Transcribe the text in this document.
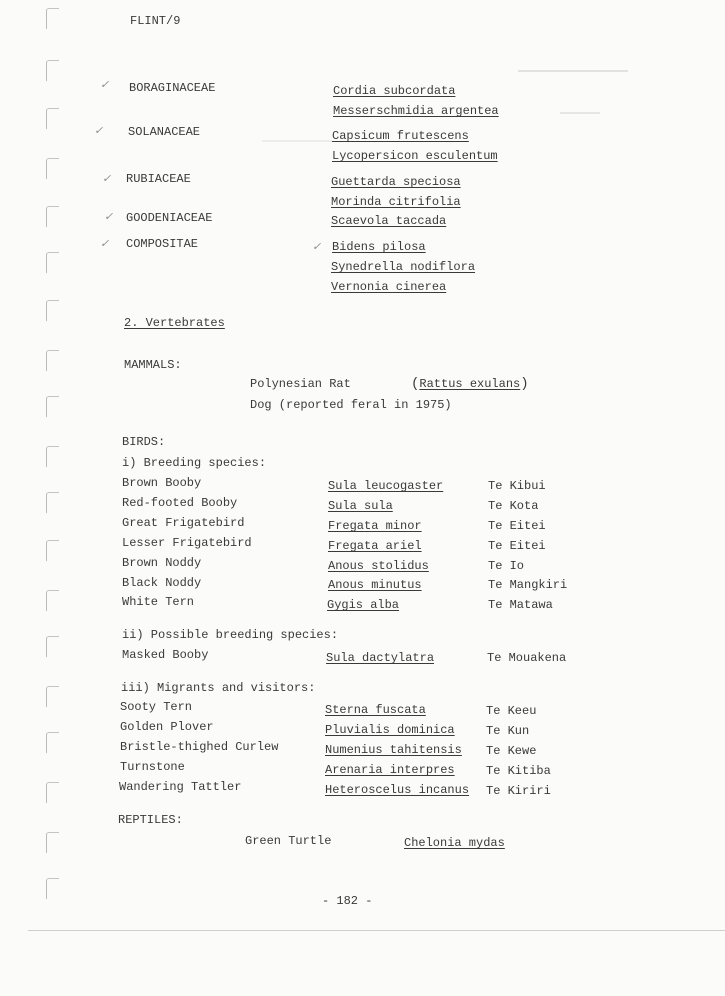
FLINT/9
✓
✓
✓
✓
✓	✓
BORAGINACEAE	Cordia subcordata
Messerschmidia argentea
SOLANACEAE	Capsicum frutescens
Lycopersicon esculentum
RUBIACEAE	Guettarda speciosa
Morinda citrifolia
GOODENIACEAE	Scaevola taccada
COMPOSITAE	Bidens pilosa
Synedrella nodiflora
Vernonia cinerea
2. Vertebrates
MAMMALS:
Polynesian Rat	(Rattus exulans)
Dog (reported feral in 1975)
BIRDS:
i) Breeding species:
Brown Booby	Sula leucogaster	Te Kibui
Red-footed Booby	Sula sula	Te Kota
Great Frigatebird	Fregata minor	Te Eitei
Lesser Frigatebird	Fregata ariel	Te Eitei
Brown Noddy	Anous stolidus	Te Io
Black Noddy	Anous minutus	Te Mangkiri
White Tern	Gygis alba	Te Matawa
ii) Possible breeding species:
Masked Booby	Sula dactylatra	Te Mouakena
iii) Migrants and visitors:
Sooty Tern	Sterna fuscata	Te Keeu
Golden Plover	Pluvialis dominica	Te Kun
Bristle-thighed Curlew	Numenius tahitensis Te Kewe
Turnstone	Arenaria interpres	Te Kitiba
Wandering Tattler	Heteroscelus incanus Te Kiriri
REPTILES:
Green Turtle	Chelonia mydas
- 182 -
